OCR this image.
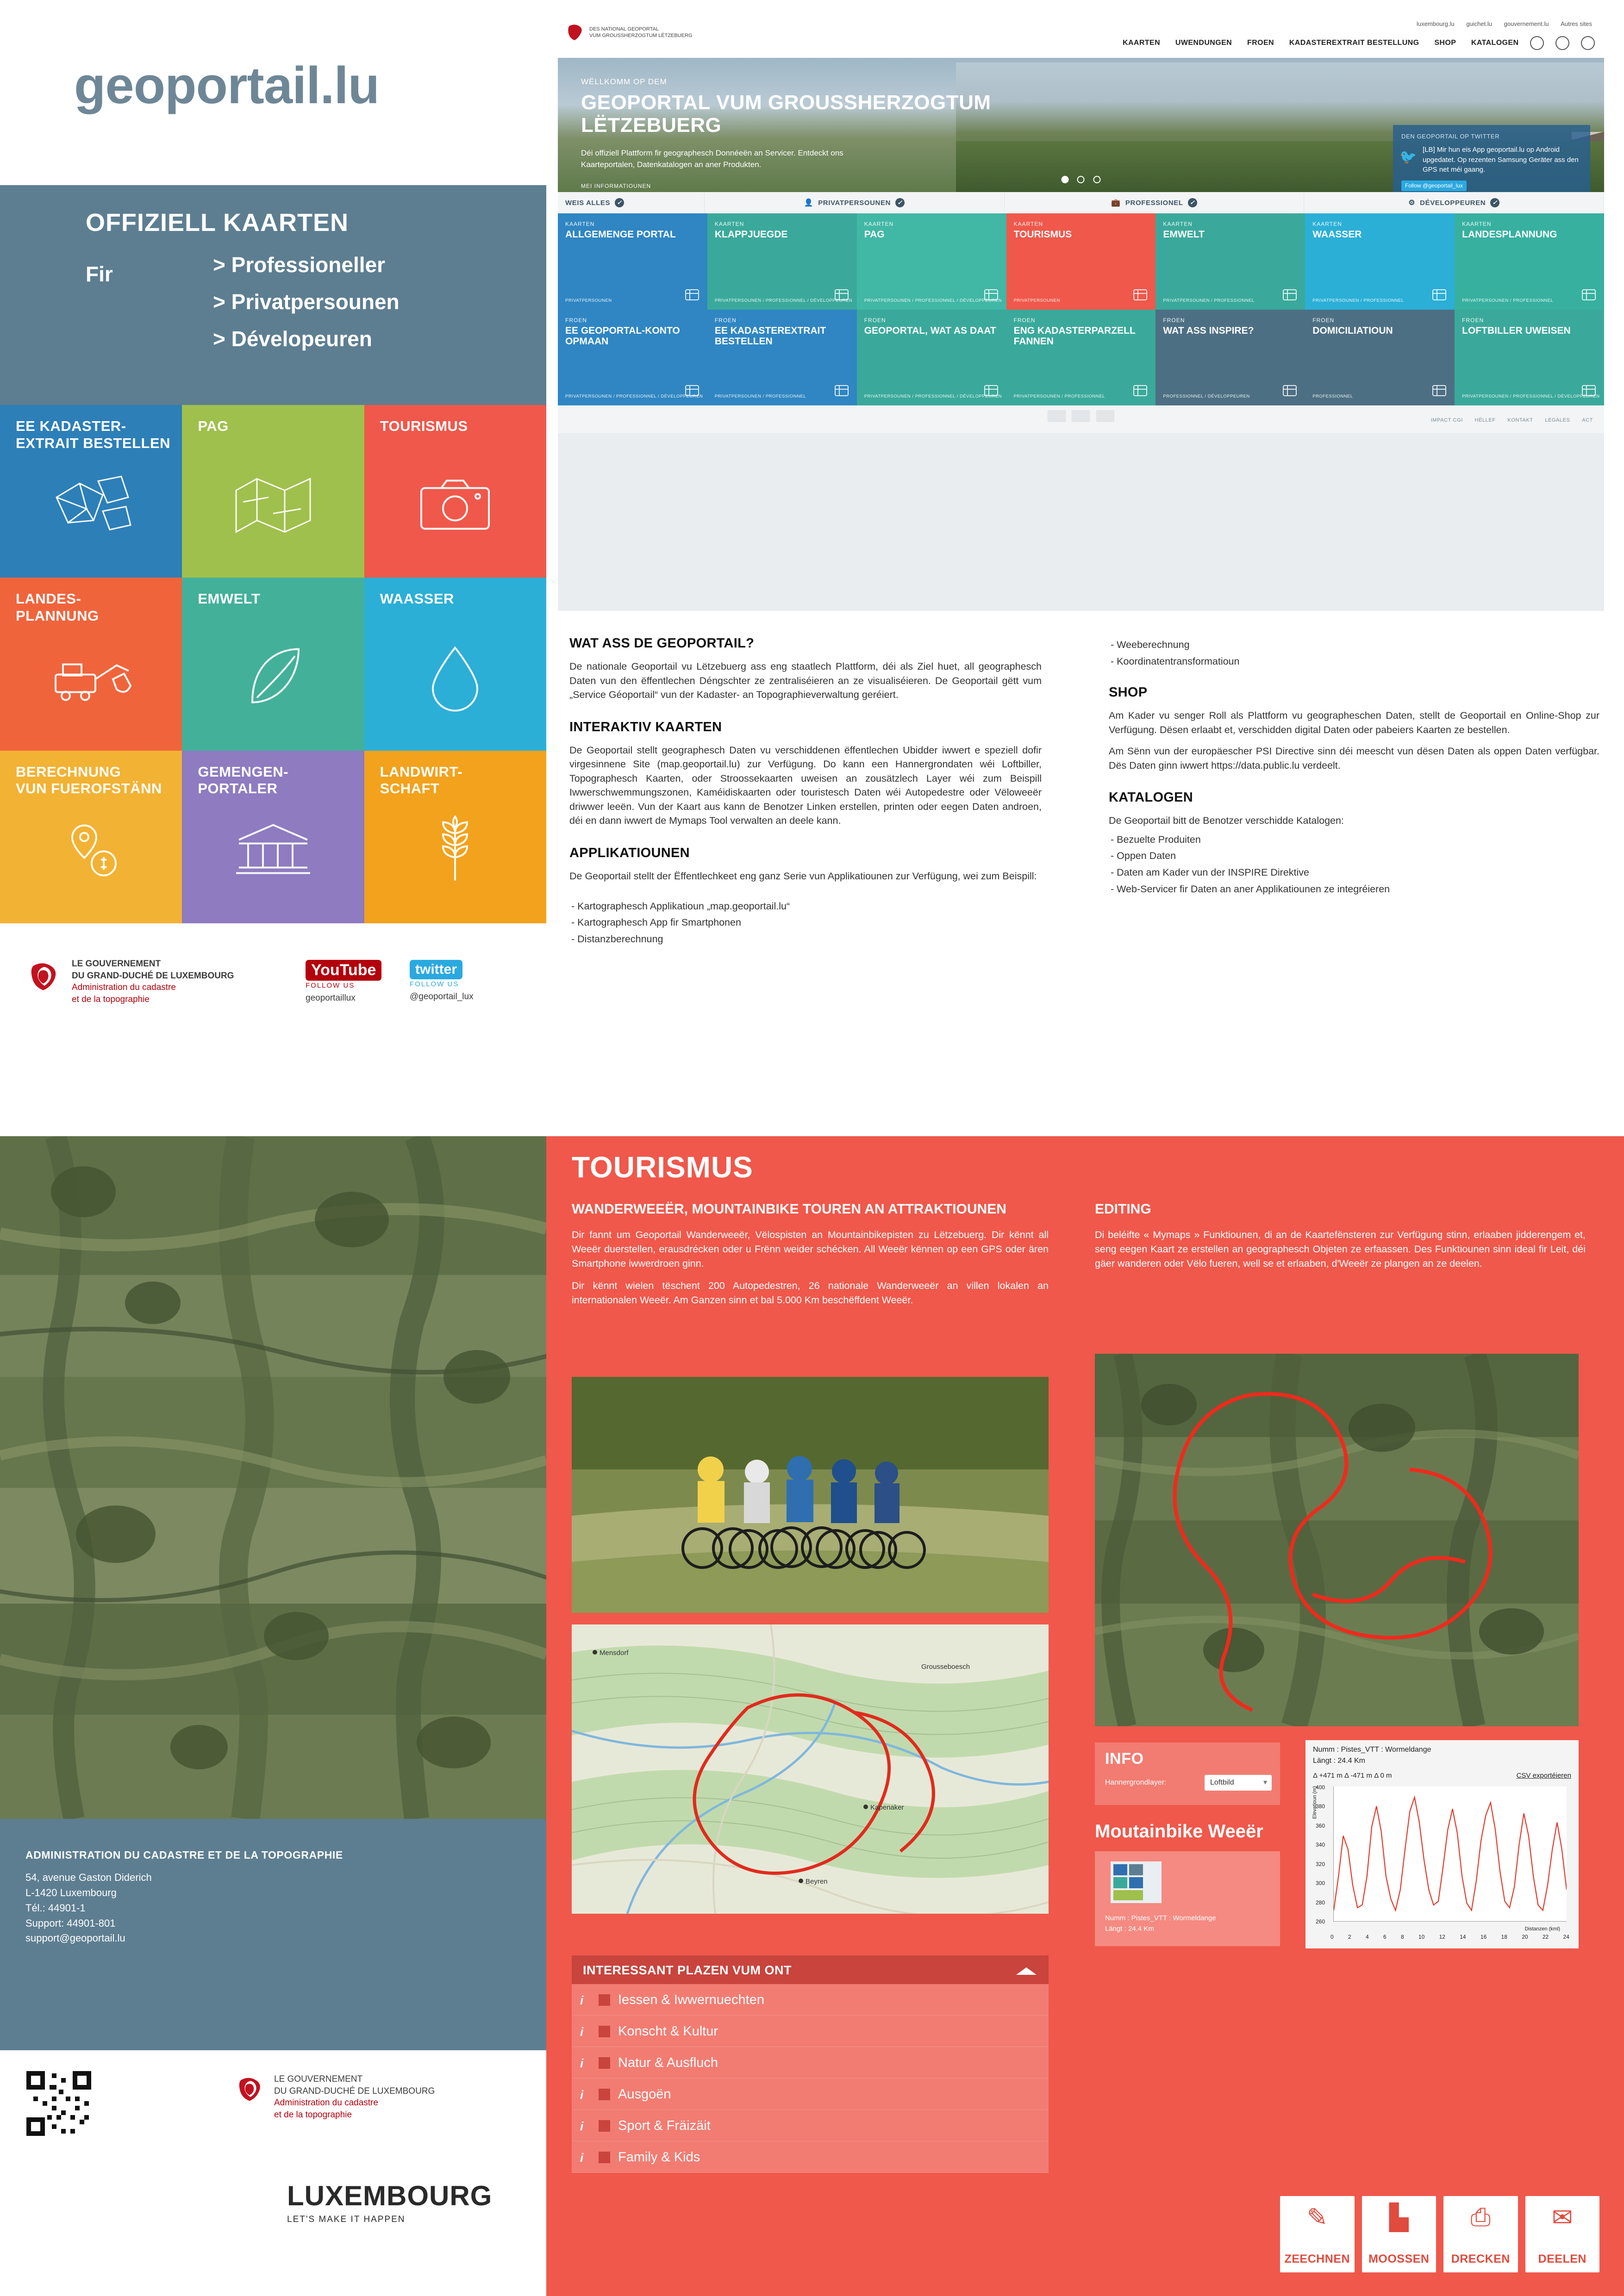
geoportail.lu
OFFIZIELL KAARTEN
Fir	> Professioneller
> Privatpersounen
> Dévelopeuren
EE KADASTER-
EXTRAIT BESTELLEN
PAG	TOURISMUS
LANDES-
PLANNUNG
EMWELT	WAASSER
BERECHNUNG
VUN FUEROFSTÄNN
GEMENGEN-
PORTALER
LANDWIRT-
SCHAFT
LE GOUVERNEMENT
DU GRAND-DUCHÉ DE LUXEMBOURG
Administration du cadastre
et de la topographie
YouTube
FOLLOW US
geoportaillux
twitter
FOLLOW US
@geoportail_lux
DES NATIONAL GEOPORTAL
VUM GROUSSHERZOGTUM LËTZEBUERG
luxembourg.lu guichet.lu gouvernement.lu Autres sites
KAARTEN UWENDUNGEN FROEN KADASTEREXTRAIT BESTELLUNG SHOP KATALOGEN
WËLLKOMM OP DEM
GEOPORTAL VUM GROUSSHERZOGTUM LËTZEBUERG

Déi offiziell Plattform fir geographesch Donnéeën an Servicer. Entdeckt ons Kaarteportalen, Datenkatalogen an aner Produkten.

MEI INFORMATIOUNEN
DEN GEOPORTAIL OP TWITTER
🐦 [LB] Mir hun eis App geoportail.lu op Android upgedatet. Op rezenten Samsung Geräter ass den GPS net méi gaang.
Follow @geoportail_lux

WEIS ALLES	✓	👤 PRIVATPERSOUNEN	✓	💼 PROFESSIONEL	✓	⚙ DÉVELOPPEUREN	✓
KAARTEN
ALLGEMENGE PORTAL
PRIVATPERSOUNEN
KAARTEN
KLAPPJUEGDE
PRIVATPERSOUNEN / PROFESSIONNEL / DÉVELOPPEUREN
KAARTEN
PAG
PRIVATPERSOUNEN / PROFESSIONNEL / DÉVELOPPEUREN
KAARTEN
TOURISMUS
PRIVATPERSOUNEN
KAARTEN
EMWELT
PRIVATPERSOUNEN / PROFESSIONNEL
KAARTEN
WAASSER
PRIVATPERSOUNEN / PROFESSIONNEL
KAARTEN
LANDESPLANNUNG
PRIVATPERSOUNEN / PROFESSIONNEL
FROEN
EE GEOPORTAL-KONTO OPMAAN
PRIVATPERSOUNEN / PROFESSIONNEL / DÉVELOPPEUREN
FROEN
EE KADASTEREXTRAIT BESTELLEN
PRIVATPERSOUNEN / PROFESSIONNEL
FROEN
GEOPORTAL, WAT AS DAAT
PRIVATPERSOUNEN / PROFESSIONNEL / DÉVELOPPEUREN
FROEN
ENG KADASTERPARZELL FANNEN
PRIVATPERSOUNEN / PROFESSIONNEL
FROEN
WAT ASS INSPIRE?
PROFESSIONNEL / DÉVELOPPEUREN
FROEN
DOMICILIATIOUN
PROFESSIONNEL
FROEN
LOFTBILLER UWEISEN
PRIVATPERSOUNEN / PROFESSIONNEL / DÉVELOPPEUREN

IMPACT CGI HËLLEF KONTAKT LEGALES ACT
WAT ASS DE GEOPORTAIL?

De nationale Geoportail vu Lëtzebuerg ass eng staatlech Plattform, déi als Ziel huet, all geographesch Daten vun den ëffentlechen Déngschter ze zentraliséieren an ze visualiséieren. De Geoportail gëtt vum „Service Géoportail“ vun der Kadaster- an Topographieverwaltung geréiert.

INTERAKTIV KAARTEN

De Geoportail stellt geographesch Daten vu verschiddenen ëffentlechen Ubidder iwwert e speziell dofir virgesinnene Site (map.geoportail.lu) zur Verfügung. Do kann een Hannergrondaten wéi Loftbiller, Topographesch Kaarten, oder Stroossekaarten uweisen an zousätzlech Layer wéi zum Beispill Iwwerschwemmungszonen, Kaméidiskaarten oder touristesch Daten wéi Autopedestre oder Vëloweeër driwwer leeën. Vun der Kaart aus kann de Benotzer Linken erstellen, printen oder eegen Daten androen, déi en dann iwwert de Mymaps Tool verwalten an deele kann.

APPLIKATIOUNEN

De Geoportail stellt der Ëffentlechkeet eng ganz Serie vun Applikatiounen zur Verfügung, wei zum Beispill:

- Kartographesch Applikatioun „map.geoportail.lu“
- Kartographesch App fir Smartphonen
- Distanzberechnung
- Weeberechnung
- Koordinatentransformatioun
SHOP

Am Kader vu senger Roll als Plattform vu geographeschen Daten, stellt de Geoportail en Online-Shop zur Verfügung. Dësen erlaabt et, verschidden digital Daten oder pabeiers Kaarten ze bestellen.

Am Sënn vun der europäescher PSI Directive sinn déi meescht vun dësen Daten als oppen Daten verfügbar. Dës Daten ginn iwwert https://data.public.lu verdeelt.

KATALOGEN

De Geoportail bitt de Benotzer verschidde Katalogen:

- Bezuelte Produiten
- Oppen Daten
- Daten am Kader vun der INSPIRE Direktive
- Web-Servicer fir Daten an aner Applikatiounen ze integréieren
ADMINISTRATION DU CADASTRE ET DE LA TOPOGRAPHIE
54, avenue Gaston Diderich
L-1420 Luxembourg
Tél.: 44901-1
Support: 44901-801
support@geoportail.lu
LE GOUVERNEMENT
DU GRAND-DUCHÉ DE LUXEMBOURG
Administration du cadastre
et de la topographie
LUXEMBOURG
LET'S MAKE IT HAPPEN
TOURISMUS
WANDERWEEËR, MOUNTAINBIKE TOUREN AN ATTRAKTIOUNEN

Dir fannt um Geoportail Wanderweeër, Vëlospisten an Mountainbikepisten zu Lëtzebuerg. Dir kënnt all Weeër duerstellen, erausdrécken oder u Frënn weider schécken. All Weeër kënnen op een GPS oder ären Smartphone iwwerdroen ginn.

Dir kënnt wielen tëschent 200 Autopedestren, 26 nationale Wanderweeër an villen lokalen an internationalen Weeër. Am Ganzen sinn et bal 5.000 Km beschëffdent Weeër.

EDITING

Di beléifte « Mymaps » Funktiounen, di an de Kaartefënsteren zur Verfügung stinn, erlaaben jidderengem et, seng eegen Kaart ze erstellen an geographesch Objeten ze erfaassen. Des Funktiounen sinn ideal fir Leit, déi gäer wanderen oder Vëlo fueren, well se et erlaaben, d'Weeër ze plangen an ze deelen.

Mensdorf
Grousseboesch
Kapenaker
Beyren
INTERESSANT PLAZEN VUM ONT
i	Iessen & Iwwernuechten
i	Konscht & Kultur
i	Natur & Ausfluch
i	Ausgoën
i	Sport & Fräizäit
i	Family & Kids
INFO
Hannergrondlayer:	Loftbild ▾
Moutainbike Weeër
Numm : Pistes_VTT : Wormeldange
Längt : 24.4 Km
Numm : Pistes_VTT : Wormeldange
Längt : 24.4 Km
Δ +471 m Δ -471 m Δ 0 m	CSV exportéieren
Elevatioun (m)
400
380
360
340
320
300
280
260
0	2	4	6	8	10	12	14	16	18	20	22	24
Distanzen (kml)
✎
ZEECHNEN
▙
MOOSSEN
⎙
DRECKEN
✉
DEELEN
